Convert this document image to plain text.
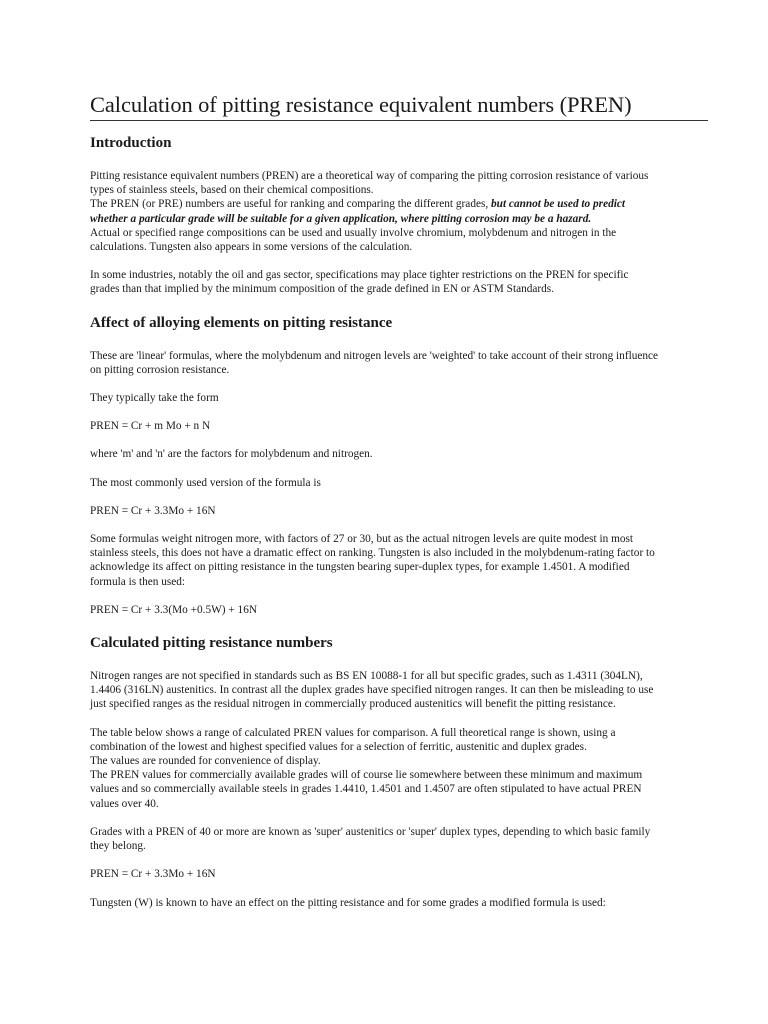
Calculation of pitting resistance equivalent numbers (PREN)
Introduction

Pitting resistance equivalent numbers (PREN) are a theoretical way of comparing the pitting corrosion resistance of various types of stainless steels, based on their chemical compositions.

The PREN (or PRE) numbers are useful for ranking and comparing the different grades, but cannot be used to predict whether a particular grade will be suitable for a given application, where pitting corrosion may be a hazard.

Actual or specified range compositions can be used and usually involve chromium, molybdenum and nitrogen in the calculations. Tungsten also appears in some versions of the calculation.

In some industries, notably the oil and gas sector, specifications may place tighter restrictions on the PREN for specific grades than that implied by the minimum composition of the grade defined in EN or ASTM Standards.

Affect of alloying elements on pitting resistance

These are 'linear' formulas, where the molybdenum and nitrogen levels are 'weighted' to take account of their strong influence on pitting corrosion resistance.

They typically take the form

PREN = Cr + m Mo + n N

where 'm' and 'n' are the factors for molybdenum and nitrogen.

The most commonly used version of the formula is

PREN = Cr + 3.3Mo + 16N

Some formulas weight nitrogen more, with factors of 27 or 30, but as the actual nitrogen levels are quite modest in most stainless steels, this does not have a dramatic effect on ranking. Tungsten is also included in the molybdenum-rating factor to acknowledge its affect on pitting resistance in the tungsten bearing super-duplex types, for example 1.4501. A modified formula is then used:

PREN = Cr + 3.3(Mo +0.5W) + 16N

Calculated pitting resistance numbers

Nitrogen ranges are not specified in standards such as BS EN 10088-1 for all but specific grades, such as 1.4311 (304LN), 1.4406 (316LN) austenitics. In contrast all the duplex grades have specified nitrogen ranges. It can then be misleading to use just specified ranges as the residual nitrogen in commercially produced austenitics will benefit the pitting resistance.

The table below shows a range of calculated PREN values for comparison. A full theoretical range is shown, using a combination of the lowest and highest specified values for a selection of ferritic, austenitic and duplex grades.

The values are rounded for convenience of display.

The PREN values for commercially available grades will of course lie somewhere between these minimum and maximum values and so commercially available steels in grades 1.4410, 1.4501 and 1.4507 are often stipulated to have actual PREN values over 40.

Grades with a PREN of 40 or more are known as 'super' austenitics or 'super' duplex types, depending to which basic family they belong.

PREN = Cr + 3.3Mo + 16N

Tungsten (W) is known to have an effect on the pitting resistance and for some grades a modified formula is used:
